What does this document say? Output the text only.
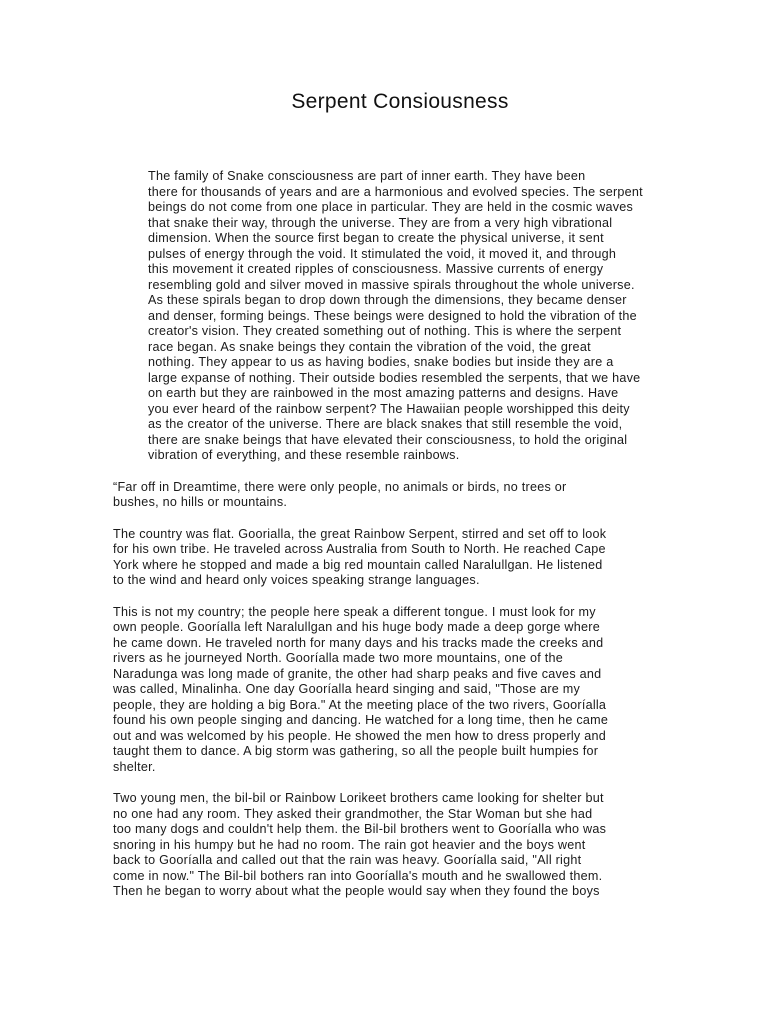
Serpent Consiousness

The family of Snake consciousness are part of inner earth. They have been
there for thousands of years and are a harmonious and evolved species. The serpent
beings do not come from one place in particular. They are held in the cosmic waves
that snake their way, through the universe. They are from a very high vibrational
dimension. When the source first began to create the physical universe, it sent
pulses of energy through the void. It stimulated the void, it moved it, and through
this movement it created ripples of consciousness. Massive currents of energy
resembling gold and silver moved in massive spirals throughout the whole universe.
As these spirals began to drop down through the dimensions, they became denser
and denser, forming beings. These beings were designed to hold the vibration of the
creator's vision. They created something out of nothing. This is where the serpent
race began. As snake beings they contain the vibration of the void, the great
nothing. They appear to us as having bodies, snake bodies but inside they are a
large expanse of nothing. Their outside bodies resembled the serpents, that we have
on earth but they are rainbowed in the most amazing patterns and designs. Have
you ever heard of the rainbow serpent? The Hawaiian people worshipped this deity
as the creator of the universe. There are black snakes that still resemble the void,
there are snake beings that have elevated their consciousness, to hold the original
vibration of everything, and these resemble rainbows.

“Far off in Dreamtime, there were only people, no animals or birds, no trees or
bushes, no hills or mountains.

The country was flat. Goorialla, the great Rainbow Serpent, stirred and set off to look
for his own tribe. He traveled across Australia from South to North. He reached Cape
York where he stopped and made a big red mountain called Naralullgan. He listened
to the wind and heard only voices speaking strange languages.

This is not my country; the people here speak a different tongue. I must look for my
own people. Gooríalla left Naralullgan and his huge body made a deep gorge where
he came down. He traveled north for many days and his tracks made the creeks and
rivers as he journeyed North. Gooríalla made two more mountains, one of the
Naradunga was long made of granite, the other had sharp peaks and five caves and
was called, Minalinha. One day Gooríalla heard singing and said, "Those are my
people, they are holding a big Bora." At the meeting place of the two rivers, Gooríalla
found his own people singing and dancing. He watched for a long time, then he came
out and was welcomed by his people. He showed the men how to dress properly and
taught them to dance. A big storm was gathering, so all the people built humpies for
shelter.

Two young men, the bil-bil or Rainbow Lorikeet brothers came looking for shelter but
no one had any room. They asked their grandmother, the Star Woman but she had
too many dogs and couldn't help them. the Bil-bil brothers went to Gooríalla who was
snoring in his humpy but he had no room. The rain got heavier and the boys went
back to Gooríalla and called out that the rain was heavy. Gooríalla said, "All right
come in now." The Bil-bil bothers ran into Gooríalla's mouth and he swallowed them.
Then he began to worry about what the people would say when they found the boys
